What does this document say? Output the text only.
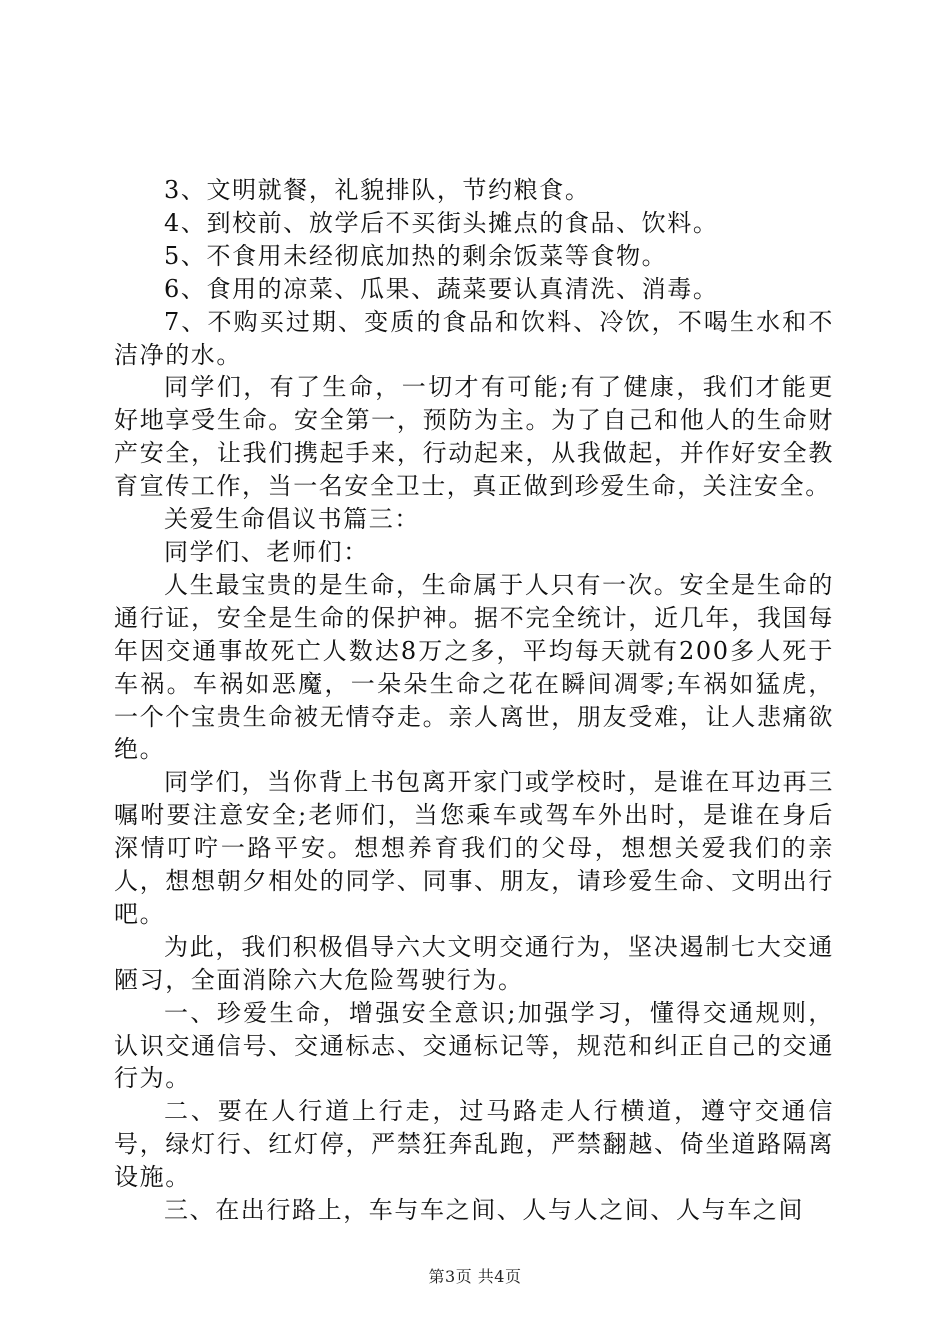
3、文明就餐，礼貌排队，节约粮食。

4、到校前、放学后不买街头摊点的食品、饮料。

5、不食用未经彻底加热的剩余饭菜等食物。

6、食用的凉菜、瓜果、蔬菜要认真清洗、消毒。

7、不购买过期、变质的食品和饮料、冷饮，不喝生水和不洁净的水。

同学们，有了生命，一切才有可能;有了健康，我们才能更好地享受生命。安全第一，预防为主。为了自己和他人的生命财产安全，让我们携起手来，行动起来，从我做起，并作好安全教育宣传工作，当一名安全卫士，真正做到珍爱生命，关注安全。

关爱生命倡议书篇三：

同学们、老师们：

人生最宝贵的是生命，生命属于人只有一次。安全是生命的通行证，安全是生命的保护神。据不完全统计，近几年，我国每年因交通事故死亡人数达8万之多，平均每天就有200多人死于车祸。车祸如恶魔，一朵朵生命之花在瞬间凋零;车祸如猛虎，一个个宝贵生命被无情夺走。亲人离世，朋友受难，让人悲痛欲绝。

同学们，当你背上书包离开家门或学校时，是谁在耳边再三嘱咐要注意安全;老师们，当您乘车或驾车外出时，是谁在身后深情叮咛一路平安。想想养育我们的父母，想想关爱我们的亲人，想想朝夕相处的同学、同事、朋友，请珍爱生命、文明出行吧。

为此，我们积极倡导六大文明交通行为，坚决遏制七大交通陋习，全面消除六大危险驾驶行为。

一、珍爱生命，增强安全意识;加强学习，懂得交通规则，认识交通信号、交通标志、交通标记等，规范和纠正自己的交通行为。

二、要在人行道上行走，过马路走人行横道，遵守交通信号，绿灯行、红灯停，严禁狂奔乱跑，严禁翻越、倚坐道路隔离设施。

三、在出行路上，车与车之间、人与人之间、人与车之间

第3页 共4页
